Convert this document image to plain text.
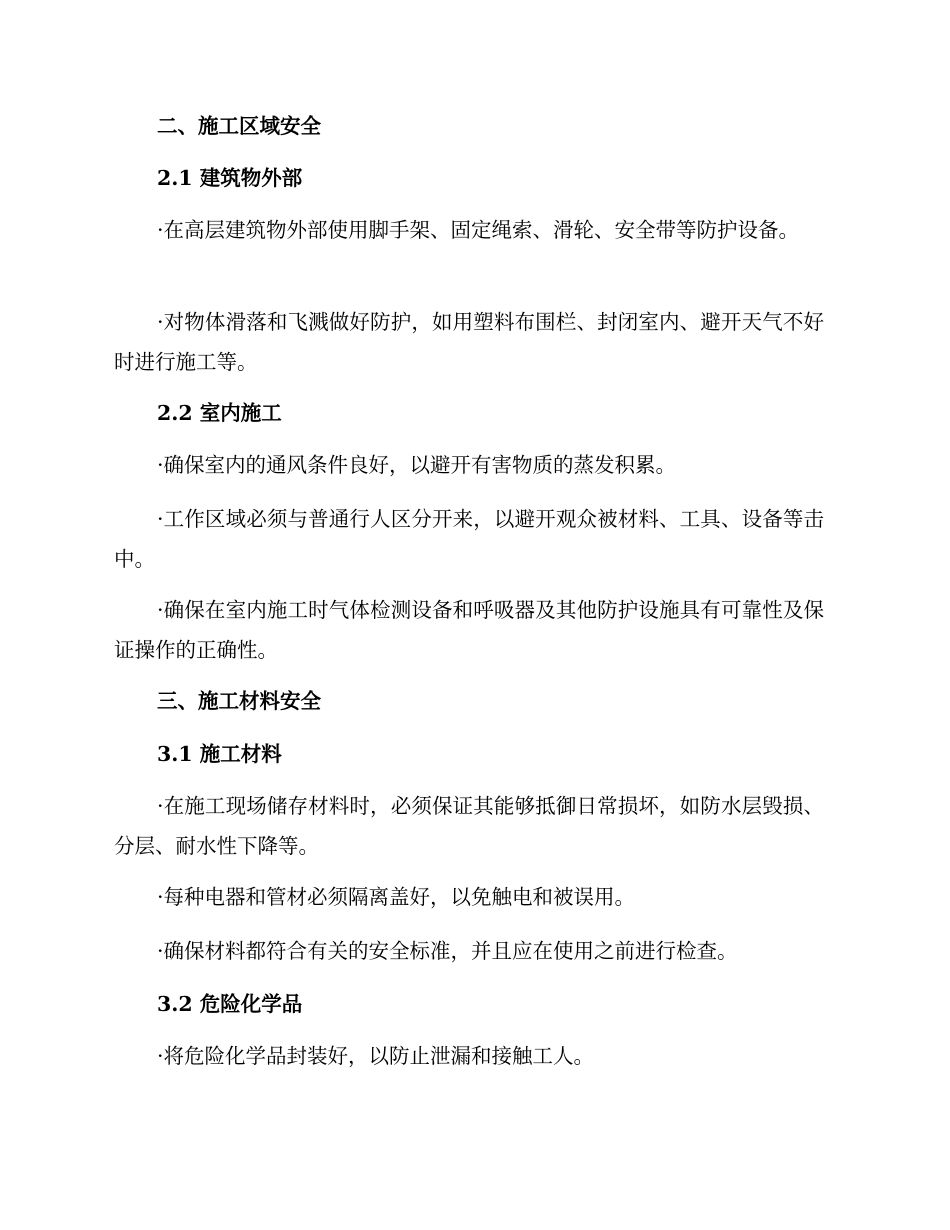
二、施工区域安全
2.1 建筑物外部

·在高层建筑物外部使用脚手架、固定绳索、滑轮、安全带等防护设备。

·对物体滑落和飞溅做好防护，如用塑料布围栏、封闭室内、避开天气不好时进行施工等。

2.2 室内施工

·确保室内的通风条件良好，以避开有害物质的蒸发积累。

·工作区域必须与普通行人区分开来，以避开观众被材料、工具、设备等击中。

·确保在室内施工时气体检测设备和呼吸器及其他防护设施具有可靠性及保证操作的正确性。

三、施工材料安全
3.1 施工材料

·在施工现场储存材料时，必须保证其能够抵御日常损坏，如防水层毁损、分层、耐水性下降等。

·每种电器和管材必须隔离盖好，以免触电和被误用。

·确保材料都符合有关的安全标准，并且应在使用之前进行检查。

3.2 危险化学品

·将危险化学品封装好，以防止泄漏和接触工人。
